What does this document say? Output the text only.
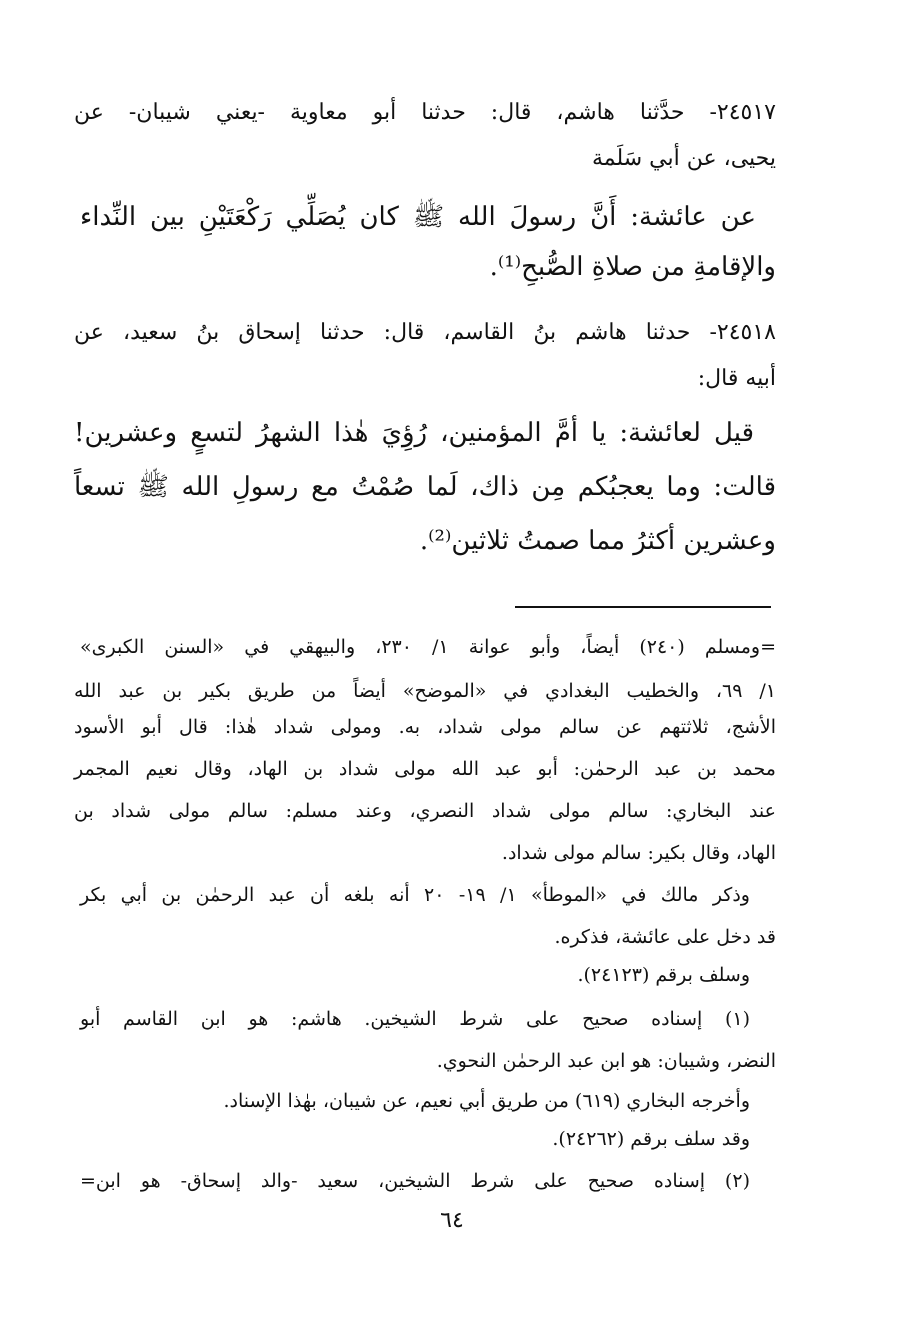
٢٤٥١٧- حدَّثنا هاشم، قال: حدثنا أبو معاوية -يعني شيبان- عن

يحيى، عن أبي سَلَمة

عن عائشة: أَنَّ رسولَ الله ﷺ كان يُصَلِّي رَكْعَتَيْنِ بين النِّداء

والإقامةِ من صلاةِ الصُّبحِ⁽¹⁾.

٢٤٥١٨- حدثنا هاشم بنُ القاسم، قال: حدثنا إسحاق بنُ سعيد، عن

أبيه قال:

قيل لعائشة: يا أمَّ المؤمنين، رُؤِيَ هٰذا الشهرُ لتسعٍ وعشرين!

قالت: وما يعجبُكم مِن ذاك، لَما صُمْتُ مع رسولِ الله ﷺ تسعاً

وعشرين أكثرُ مما صمتُ ثلاثين⁽²⁾.

=ومسلم (٢٤٠) أيضاً، وأبو عوانة ١/ ٢٣٠، والبيهقي في «السنن الكبرى»

١/ ٦٩، والخطيب البغدادي في «الموضح» أيضاً من طريق بكير بن عبد الله

الأشج، ثلاثتهم عن سالم مولى شداد، به. ومولى شداد هٰذا: قال أبو الأسود

محمد بن عبد الرحمٰن: أبو عبد الله مولى شداد بن الهاد، وقال نعيم المجمر

عند البخاري: سالم مولى شداد النصري، وعند مسلم: سالم مولى شداد بن

الهاد، وقال بكير: سالم مولى شداد.

وذكر مالك في «الموطأ» ١/ ١٩- ٢٠ أنه بلغه أن عبد الرحمٰن بن أبي بكر

قد دخل على عائشة، فذكره.

وسلف برقم (٢٤١٢٣).

(١) إسناده صحيح على شرط الشيخين. هاشم: هو ابن القاسم أبو

النضر، وشيبان: هو ابن عبد الرحمٰن النحوي.

وأخرجه البخاري (٦١٩) من طريق أبي نعيم، عن شيبان، بهٰذا الإسناد.

وقد سلف برقم (٢٤٢٦٢).

(٢) إسناده صحيح على شرط الشيخين، سعيد -والد إسحاق- هو ابن=

٦٤
